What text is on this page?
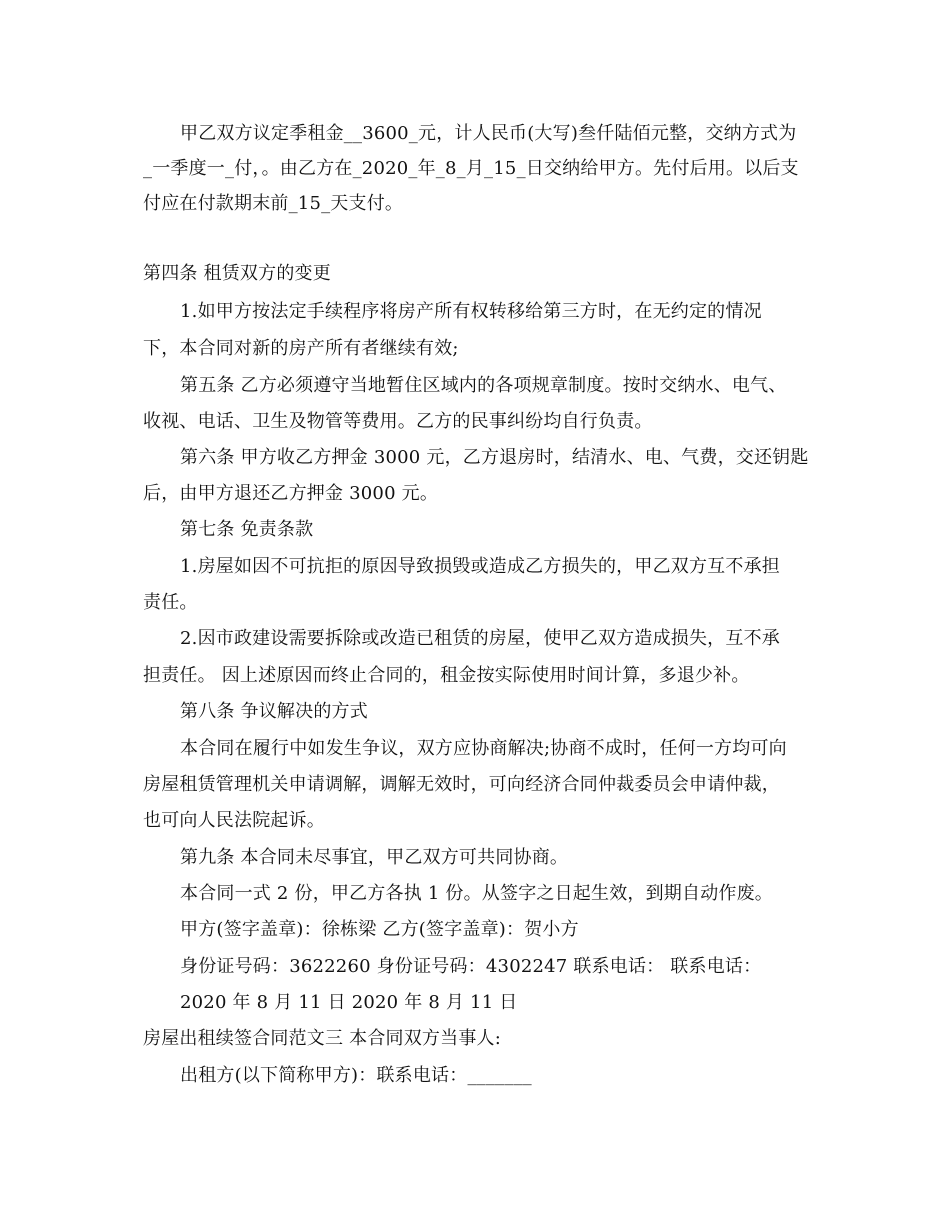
甲乙双方议定季租金__3600_元，计人民币(大写)叁仟陆佰元整，交纳方式为
_一季度一_付，。由乙方在_2020_年_8_月_15_日交纳给甲方。先付后用。以后支
付应在付款期末前_15_天支付。
第四条 租赁双方的变更
1.如甲方按法定手续程序将房产所有权转移给第三方时，在无约定的情况
下，本合同对新的房产所有者继续有效;
第五条 乙方必须遵守当地暂住区域内的各项规章制度。按时交纳水、电气、
收视、电话、卫生及物管等费用。乙方的民事纠纷均自行负责。
第六条 甲方收乙方押金 3000 元，乙方退房时，结清水、电、气费，交还钥匙
后，由甲方退还乙方押金 3000 元。
第七条 免责条款
1.房屋如因不可抗拒的原因导致损毁或造成乙方损失的，甲乙双方互不承担
责任。
2.因市政建设需要拆除或改造已租赁的房屋，使甲乙双方造成损失，互不承
担责任。 因上述原因而终止合同的，租金按实际使用时间计算，多退少补。
第八条 争议解决的方式
本合同在履行中如发生争议，双方应协商解决;协商不成时，任何一方均可向
房屋租赁管理机关申请调解，调解无效时，可向经济合同仲裁委员会申请仲裁，
也可向人民法院起诉。
第九条 本合同未尽事宜，甲乙双方可共同协商。
本合同一式 2 份，甲乙方各执 1 份。从签字之日起生效，到期自动作废。
甲方(签字盖章)：徐栋梁 乙方(签字盖章)：贺小方
身份证号码：3622260 身份证号码：4302247 联系电话： 联系电话：
2020 年 8 月 11 日 2020 年 8 月 11 日
房屋出租续签合同范文三 本合同双方当事人:
出租方(以下简称甲方)：联系电话：_______
